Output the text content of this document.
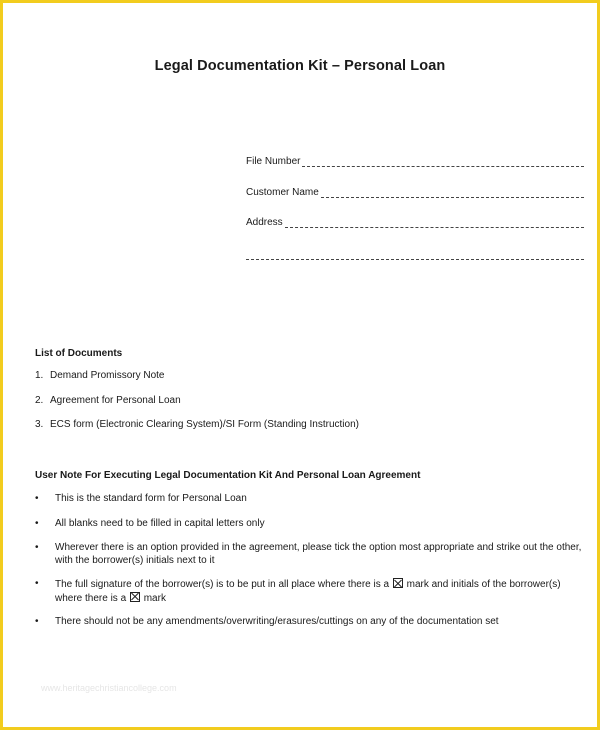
Legal Documentation Kit – Personal Loan
File Number
Customer Name
Address
List of Documents
1. Demand Promissory Note
2. Agreement for Personal Loan
3. ECS form (Electronic Clearing System)/SI Form (Standing Instruction)
User Note For Executing Legal Documentation Kit And Personal Loan Agreement
•	This is the standard form for Personal Loan
•	All blanks need to be filled in capital letters only
•	Wherever there is an option provided in the agreement, please tick the option most appropriate and strike out the other, with the borrower(s) initials next to it
•	The full signature of the borrower(s) is to be put in all place where there is a ☒ mark and initials of the borrower(s) where there is a ☒ mark
•	There should not be any amendments/overwriting/erasures/cuttings on any of the documentation set
www.heritagechristiancollege.com
